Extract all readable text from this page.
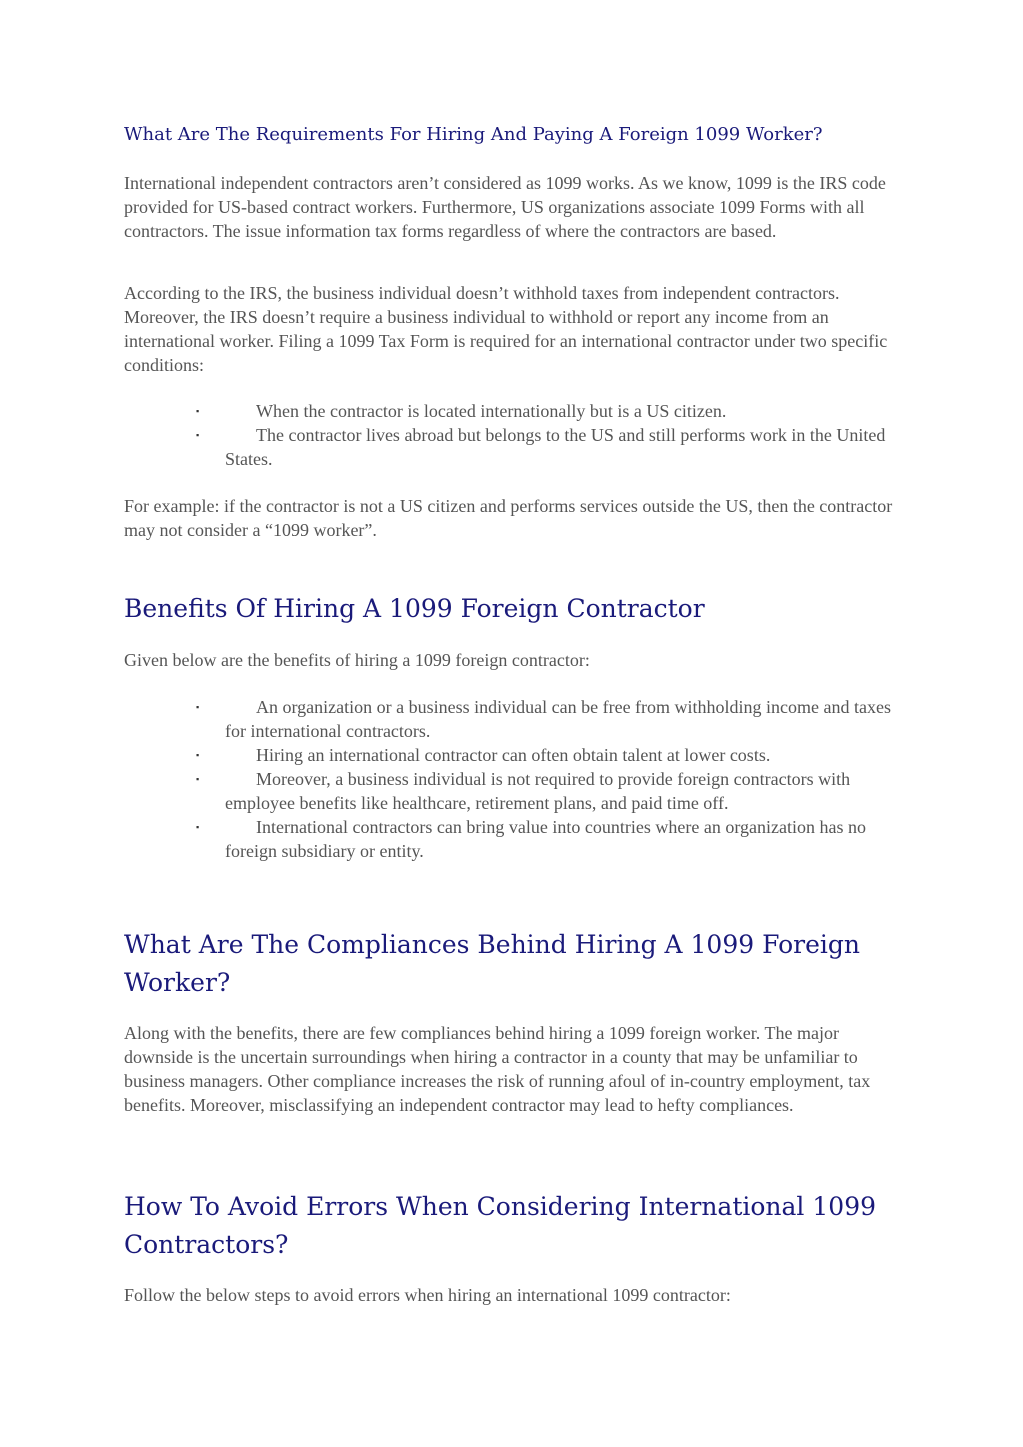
What Are The Requirements For Hiring And Paying A Foreign 1099 Worker?

International independent contractors aren’t considered as 1099 works. As we know, 1099 is the IRS code provided for US-based contract workers. Furthermore, US organizations associate 1099 Forms with all contractors. The issue information tax forms regardless of where the contractors are based.

According to the IRS, the business individual doesn’t withhold taxes from independent contractors. Moreover, the IRS doesn’t require a business individual to withhold or report any income from an international worker. Filing a 1099 Tax Form is required for an international contractor under two specific conditions:

▪	When the contractor is located internationally but is a US citizen.
▪	The contractor lives abroad but belongs to the US and still performs work in the United States.

For example: if the contractor is not a US citizen and performs services outside the US, then the contractor may not consider a “1099 worker”.

Benefits Of Hiring A 1099 Foreign Contractor

Given below are the benefits of hiring a 1099 foreign contractor:

▪	An organization or a business individual can be free from withholding income and taxes for international contractors.
▪	Hiring an international contractor can often obtain talent at lower costs.
▪	Moreover, a business individual is not required to provide foreign contractors with employee benefits like healthcare, retirement plans, and paid time off.
▪	International contractors can bring value into countries where an organization has no foreign subsidiary or entity.
What Are The Compliances Behind Hiring A 1099 Foreign Worker?

Along with the benefits, there are few compliances behind hiring a 1099 foreign worker. The major downside is the uncertain surroundings when hiring a contractor in a county that may be unfamiliar to business managers. Other compliance increases the risk of running afoul of in-country employment, tax benefits. Moreover, misclassifying an independent contractor may lead to hefty compliances.

How To Avoid Errors When Considering International 1099 Contractors?

Follow the below steps to avoid errors when hiring an international 1099 contractor:
